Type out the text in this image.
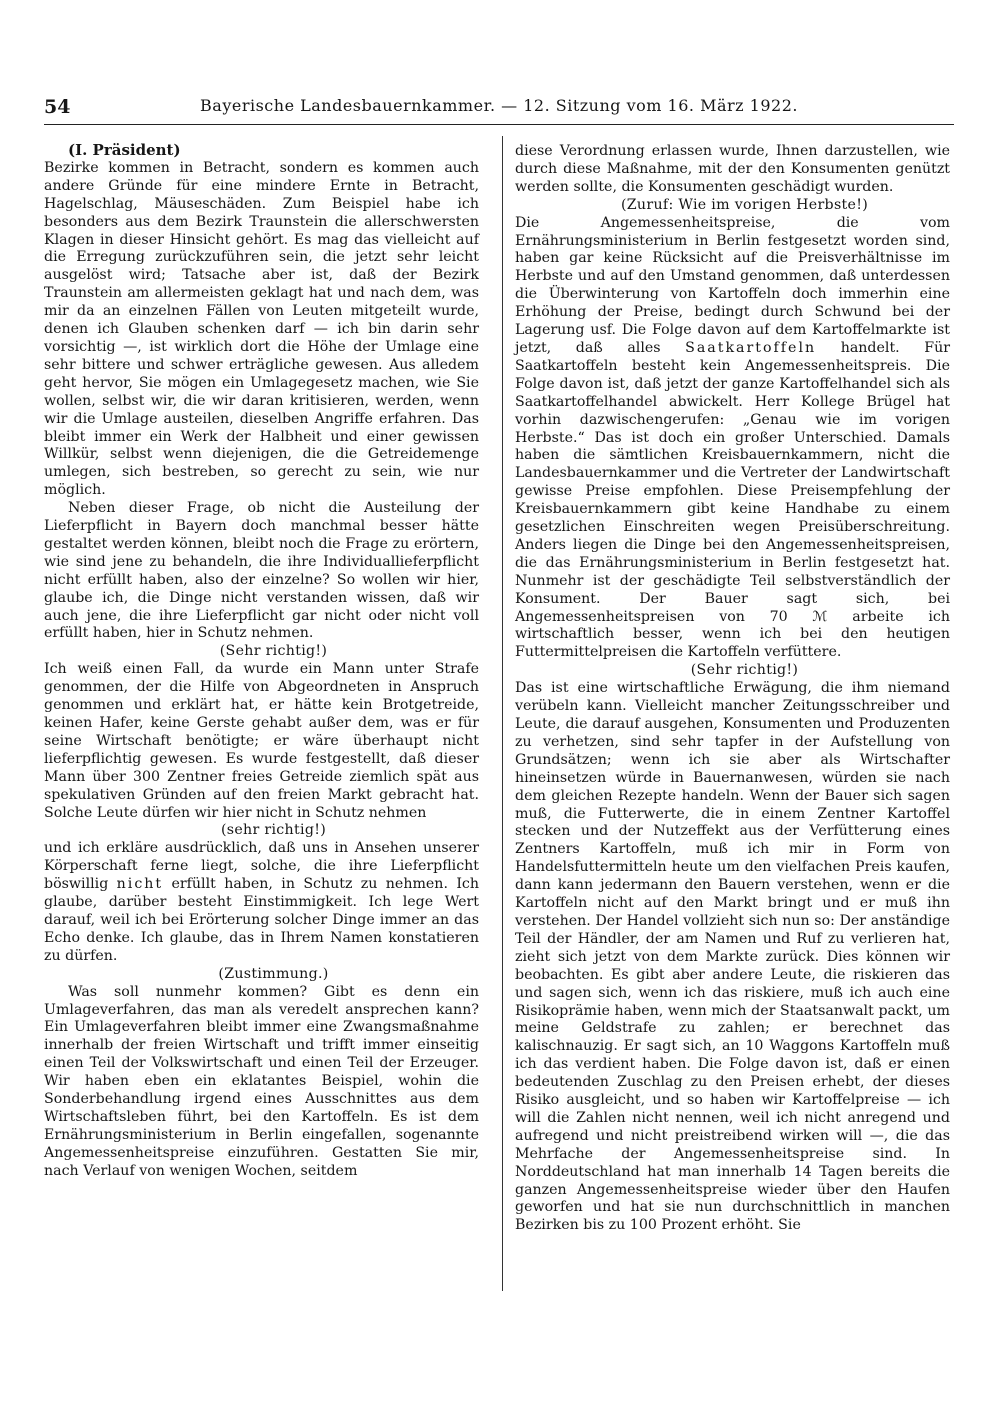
54	Bayerische Landesbauernkammer. — 12. Sitzung vom 16. März 1922.

(I. Präsident)

Bezirke kommen in Betracht, sondern es kommen auch andere Gründe für eine mindere Ernte in Betracht, Hagelschlag, Mäuseschäden. Zum Beispiel habe ich besonders aus dem Bezirk Traunstein die allerschwersten Klagen in dieser Hinsicht gehört. Es mag das vielleicht auf die Erregung zurückzuführen sein, die jetzt sehr leicht ausgelöst wird; Tatsache aber ist, daß der Bezirk Traunstein am allermeisten geklagt hat und nach dem, was mir da an einzelnen Fällen von Leuten mitgeteilt wurde, denen ich Glauben schenken darf — ich bin darin sehr vorsichtig —, ist wirklich dort die Höhe der Umlage eine sehr bittere und schwer erträgliche gewesen. Aus alledem geht hervor, Sie mögen ein Umlagegesetz machen, wie Sie wollen, selbst wir, die wir daran kritisieren, werden, wenn wir die Umlage austeilen, dieselben Angriffe erfahren. Das bleibt immer ein Werk der Halbheit und einer gewissen Willkür, selbst wenn diejenigen, die die Getreidemenge umlegen, sich bestreben, so gerecht zu sein, wie nur möglich.

Neben dieser Frage, ob nicht die Austeilung der Lieferpflicht in Bayern doch manchmal besser hätte gestaltet werden können, bleibt noch die Frage zu erörtern, wie sind jene zu behandeln, die ihre Individuallieferpflicht nicht erfüllt haben, also der einzelne? So wollen wir hier, glaube ich, die Dinge nicht verstanden wissen, daß wir auch jene, die ihre Lieferpflicht gar nicht oder nicht voll erfüllt haben, hier in Schutz nehmen.

(Sehr richtig!)

Ich weiß einen Fall, da wurde ein Mann unter Strafe genommen, der die Hilfe von Abgeordneten in Anspruch genommen und erklärt hat, er hätte kein Brotgetreide, keinen Hafer, keine Gerste gehabt außer dem, was er für seine Wirtschaft benötigte; er wäre überhaupt nicht lieferpflichtig gewesen. Es wurde festgestellt, daß dieser Mann über 300 Zentner freies Getreide ziemlich spät aus spekulativen Gründen auf den freien Markt gebracht hat. Solche Leute dürfen wir hier nicht in Schutz nehmen

(sehr richtig!)

und ich erkläre ausdrücklich, daß uns in Ansehen unserer Körperschaft ferne liegt, solche, die ihre Lieferpflicht böswillig nicht erfüllt haben, in Schutz zu nehmen. Ich glaube, darüber besteht Einstimmigkeit. Ich lege Wert darauf, weil ich bei Erörterung solcher Dinge immer an das Echo denke. Ich glaube, das in Ihrem Namen konstatieren zu dürfen.

(Zustimmung.)

Was soll nunmehr kommen? Gibt es denn ein Umlageverfahren, das man als veredelt ansprechen kann? Ein Umlageverfahren bleibt immer eine Zwangsmaßnahme innerhalb der freien Wirtschaft und trifft immer einseitig einen Teil der Volkswirtschaft und einen Teil der Erzeuger. Wir haben eben ein eklatantes Beispiel, wohin die Sonderbehandlung irgend eines Ausschnittes aus dem Wirtschaftsleben führt, bei den Kartoffeln. Es ist dem Ernährungsministerium in Berlin eingefallen, sogenannte Angemessenheitspreise einzuführen. Gestatten Sie mir, nach Verlauf von wenigen Wochen, seitdem

diese Verordnung erlassen wurde, Ihnen darzustellen, wie durch diese Maßnahme, mit der den Konsumenten genützt werden sollte, die Konsumenten geschädigt wurden.

(Zuruf: Wie im vorigen Herbste!)

Die Angemessenheitspreise, die vom Ernährungsministerium in Berlin festgesetzt worden sind, haben gar keine Rücksicht auf die Preisverhältnisse im Herbste und auf den Umstand genommen, daß unterdessen die Überwinterung von Kartoffeln doch immerhin eine Erhöhung der Preise, bedingt durch Schwund bei der Lagerung usf. Die Folge davon auf dem Kartoffelmarkte ist jetzt, daß alles Saatkartoffeln handelt. Für Saatkartoffeln besteht kein Angemessenheitspreis. Die Folge davon ist, daß jetzt der ganze Kartoffelhandel sich als Saatkartoffelhandel abwickelt. Herr Kollege Brügel hat vorhin dazwischengerufen: „Genau wie im vorigen Herbste.“ Das ist doch ein großer Unterschied. Damals haben die sämtlichen Kreisbauernkammern, nicht die Landesbauernkammer und die Vertreter der Landwirtschaft gewisse Preise empfohlen. Diese Preisempfehlung der Kreisbauernkammern gibt keine Handhabe zu einem gesetzlichen Einschreiten wegen Preisüberschreitung. Anders liegen die Dinge bei den Angemessenheitspreisen, die das Ernährungsministerium in Berlin festgesetzt hat. Nunmehr ist der geschädigte Teil selbstverständlich der Konsument. Der Bauer sagt sich, bei Angemessenheitspreisen von 70 ℳ arbeite ich wirtschaftlich besser, wenn ich bei den heutigen Futtermittelpreisen die Kartoffeln verfüttere.

(Sehr richtig!)

Das ist eine wirtschaftliche Erwägung, die ihm niemand verübeln kann. Vielleicht mancher Zeitungsschreiber und Leute, die darauf ausgehen, Konsumenten und Produzenten zu verhetzen, sind sehr tapfer in der Aufstellung von Grundsätzen; wenn ich sie aber als Wirtschafter hineinsetzen würde in Bauernanwesen, würden sie nach dem gleichen Rezepte handeln. Wenn der Bauer sich sagen muß, die Futterwerte, die in einem Zentner Kartoffel stecken und der Nutzeffekt aus der Verfütterung eines Zentners Kartoffeln, muß ich mir in Form von Handelsfuttermitteln heute um den vielfachen Preis kaufen, dann kann jedermann den Bauern verstehen, wenn er die Kartoffeln nicht auf den Markt bringt und er muß ihn verstehen. Der Handel vollzieht sich nun so: Der anständige Teil der Händler, der am Namen und Ruf zu verlieren hat, zieht sich jetzt von dem Markte zurück. Dies können wir beobachten. Es gibt aber andere Leute, die riskieren das und sagen sich, wenn ich das riskiere, muß ich auch eine Risikoprämie haben, wenn mich der Staatsanwalt packt, um meine Geldstrafe zu zahlen; er berechnet das kalischnauzig. Er sagt sich, an 10 Waggons Kartoffeln muß ich das verdient haben. Die Folge davon ist, daß er einen bedeutenden Zuschlag zu den Preisen erhebt, der dieses Risiko ausgleicht, und so haben wir Kartoffelpreise — ich will die Zahlen nicht nennen, weil ich nicht anregend und aufregend und nicht preistreibend wirken will —, die das Mehrfache der Angemessenheitspreise sind. In Norddeutschland hat man innerhalb 14 Tagen bereits die ganzen Angemessenheitspreise wieder über den Haufen geworfen und hat sie nun durchschnittlich in manchen Bezirken bis zu 100 Prozent erhöht. Sie
